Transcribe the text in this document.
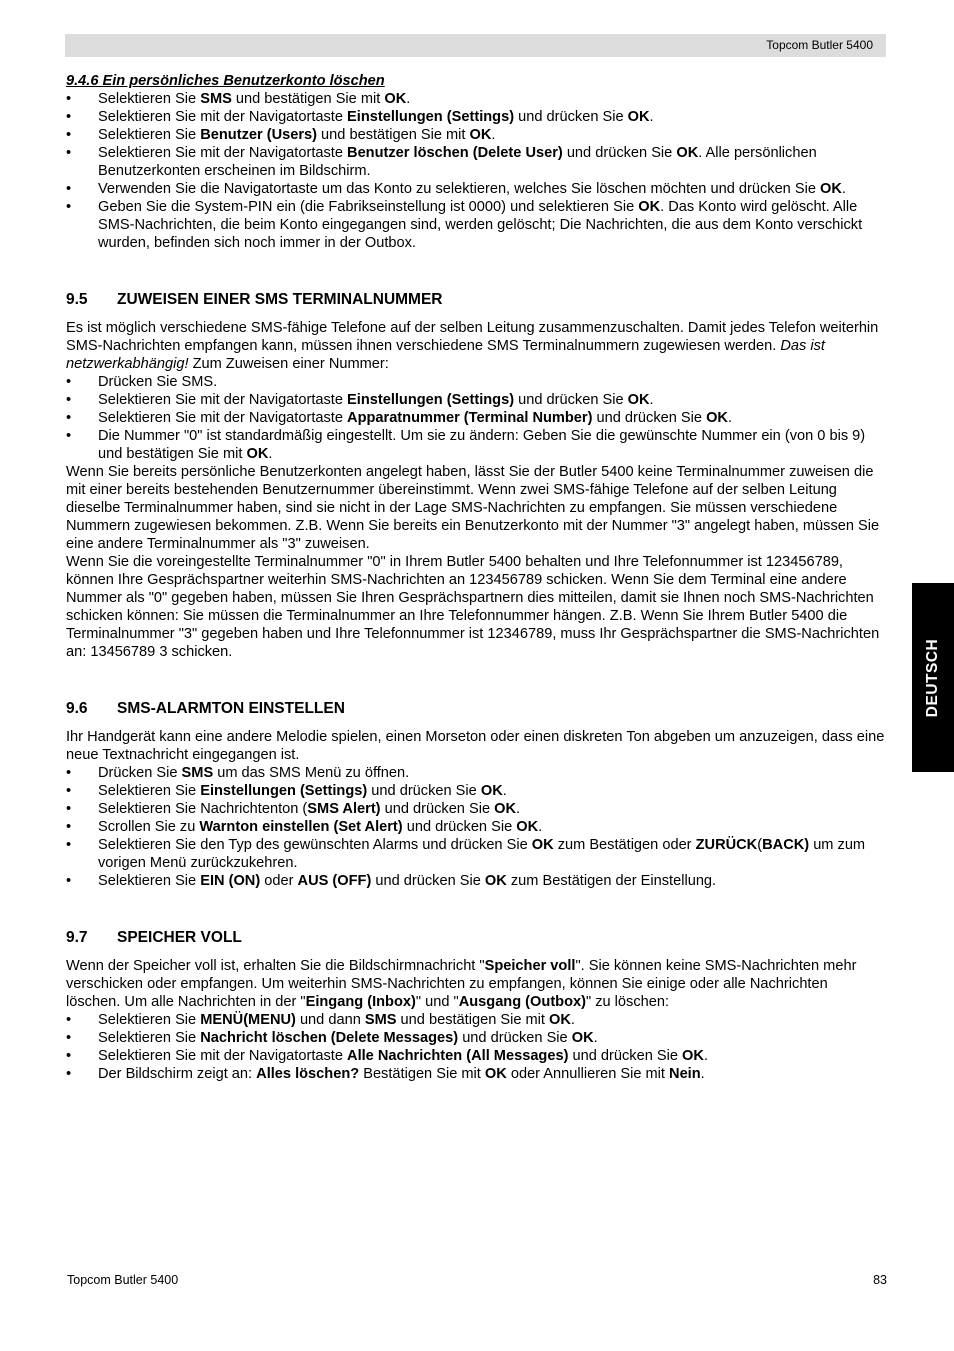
Topcom Butler 5400
DEUTSCH

9.4.6 Ein persönliches Benutzerkonto löschen

• Selektieren Sie SMS und bestätigen Sie mit OK.
• Selektieren Sie mit der Navigatortaste Einstellungen (Settings) und drücken Sie OK.
• Selektieren Sie Benutzer (Users) und bestätigen Sie mit OK.
• Selektieren Sie mit der Navigatortaste Benutzer löschen (Delete User) und drücken Sie OK. Alle persönlichen Benutzerkonten erscheinen im Bildschirm.
• Verwenden Sie die Navigatortaste um das Konto zu selektieren, welches Sie löschen möchten und drücken Sie OK.
• Geben Sie die System-PIN ein (die Fabrikseinstellung ist 0000) und selektieren Sie OK. Das Konto wird gelöscht. Alle SMS-Nachrichten, die beim Konto eingegangen sind, werden gelöscht; Die Nachrichten, die aus dem Konto verschickt wurden, befinden sich noch immer in der Outbox.
9.5	ZUWEISEN EINER SMS TERMINALNUMMER

Es ist möglich verschiedene SMS-fähige Telefone auf der selben Leitung zusammenzuschalten. Damit jedes Telefon weiterhin SMS-Nachrichten empfangen kann, müssen ihnen verschiedene SMS Terminalnummern zugewiesen werden. Das ist netzwerkabhängig! Zum Zuweisen einer Nummer:

• Drücken Sie SMS.
• Selektieren Sie mit der Navigatortaste Einstellungen (Settings) und drücken Sie OK.
• Selektieren Sie mit der Navigatortaste Apparatnummer (Terminal Number) und drücken Sie OK.
• Die Nummer "0" ist standardmäßig eingestellt. Um sie zu ändern: Geben Sie die gewünschte Nummer ein (von 0 bis 9) und bestätigen Sie mit OK.

Wenn Sie bereits persönliche Benutzerkonten angelegt haben, lässt Sie der Butler 5400 keine Terminalnummer zuweisen die mit einer bereits bestehenden Benutzernummer übereinstimmt. Wenn zwei SMS-fähige Telefone auf der selben Leitung dieselbe Terminalnummer haben, sind sie nicht in der Lage SMS-Nachrichten zu empfangen. Sie müssen verschiedene Nummern zugewiesen bekommen. Z.B. Wenn Sie bereits ein Benutzerkonto mit der Nummer "3" angelegt haben, müssen Sie eine andere Terminalnummer als "3" zuweisen.

Wenn Sie die voreingestellte Terminalnummer "0" in Ihrem Butler 5400 behalten und Ihre Telefonnummer ist 123456789, können Ihre Gesprächspartner weiterhin SMS-Nachrichten an 123456789 schicken. Wenn Sie dem Terminal eine andere Nummer als "0" gegeben haben, müssen Sie Ihren Gesprächspartnern dies mitteilen, damit sie Ihnen noch SMS-Nachrichten schicken können: Sie müssen die Terminalnummer an Ihre Telefonnummer hängen. Z.B. Wenn Sie Ihrem Butler 5400 die Terminalnummer "3" gegeben haben und Ihre Telefonnummer ist 12346789, muss Ihr Gesprächspartner die SMS-Nachrichten an: 13456789 3 schicken.

9.6	SMS-ALARMTON EINSTELLEN

Ihr Handgerät kann eine andere Melodie spielen, einen Morseton oder einen diskreten Ton abgeben um anzuzeigen, dass eine neue Textnachricht eingegangen ist.

• Drücken Sie SMS um das SMS Menü zu öffnen.
• Selektieren Sie Einstellungen (Settings) und drücken Sie OK.
• Selektieren Sie Nachrichtenton (SMS Alert) und drücken Sie OK.
• Scrollen Sie zu Warnton einstellen (Set Alert) und drücken Sie OK.
• Selektieren Sie den Typ des gewünschten Alarms und drücken Sie OK zum Bestätigen oder ZURÜCK(BACK) um zum vorigen Menü zurückzukehren.
• Selektieren Sie EIN (ON) oder AUS (OFF) und drücken Sie OK zum Bestätigen der Einstellung.
9.7	SPEICHER VOLL

Wenn der Speicher voll ist, erhalten Sie die Bildschirmnachricht "Speicher voll". Sie können keine SMS-Nachrichten mehr verschicken oder empfangen. Um weiterhin SMS-Nachrichten zu empfangen, können Sie einige oder alle Nachrichten löschen. Um alle Nachrichten in der "Eingang (Inbox)" und "Ausgang (Outbox)" zu löschen:

• Selektieren Sie MENÜ(MENU) und dann SMS und bestätigen Sie mit OK.
• Selektieren Sie Nachricht löschen (Delete Messages) und drücken Sie OK.
• Selektieren Sie mit der Navigatortaste Alle Nachrichten (All Messages) und drücken Sie OK.
• Der Bildschirm zeigt an: Alles löschen? Bestätigen Sie mit OK oder Annullieren Sie mit Nein.
Topcom Butler 5400	83
